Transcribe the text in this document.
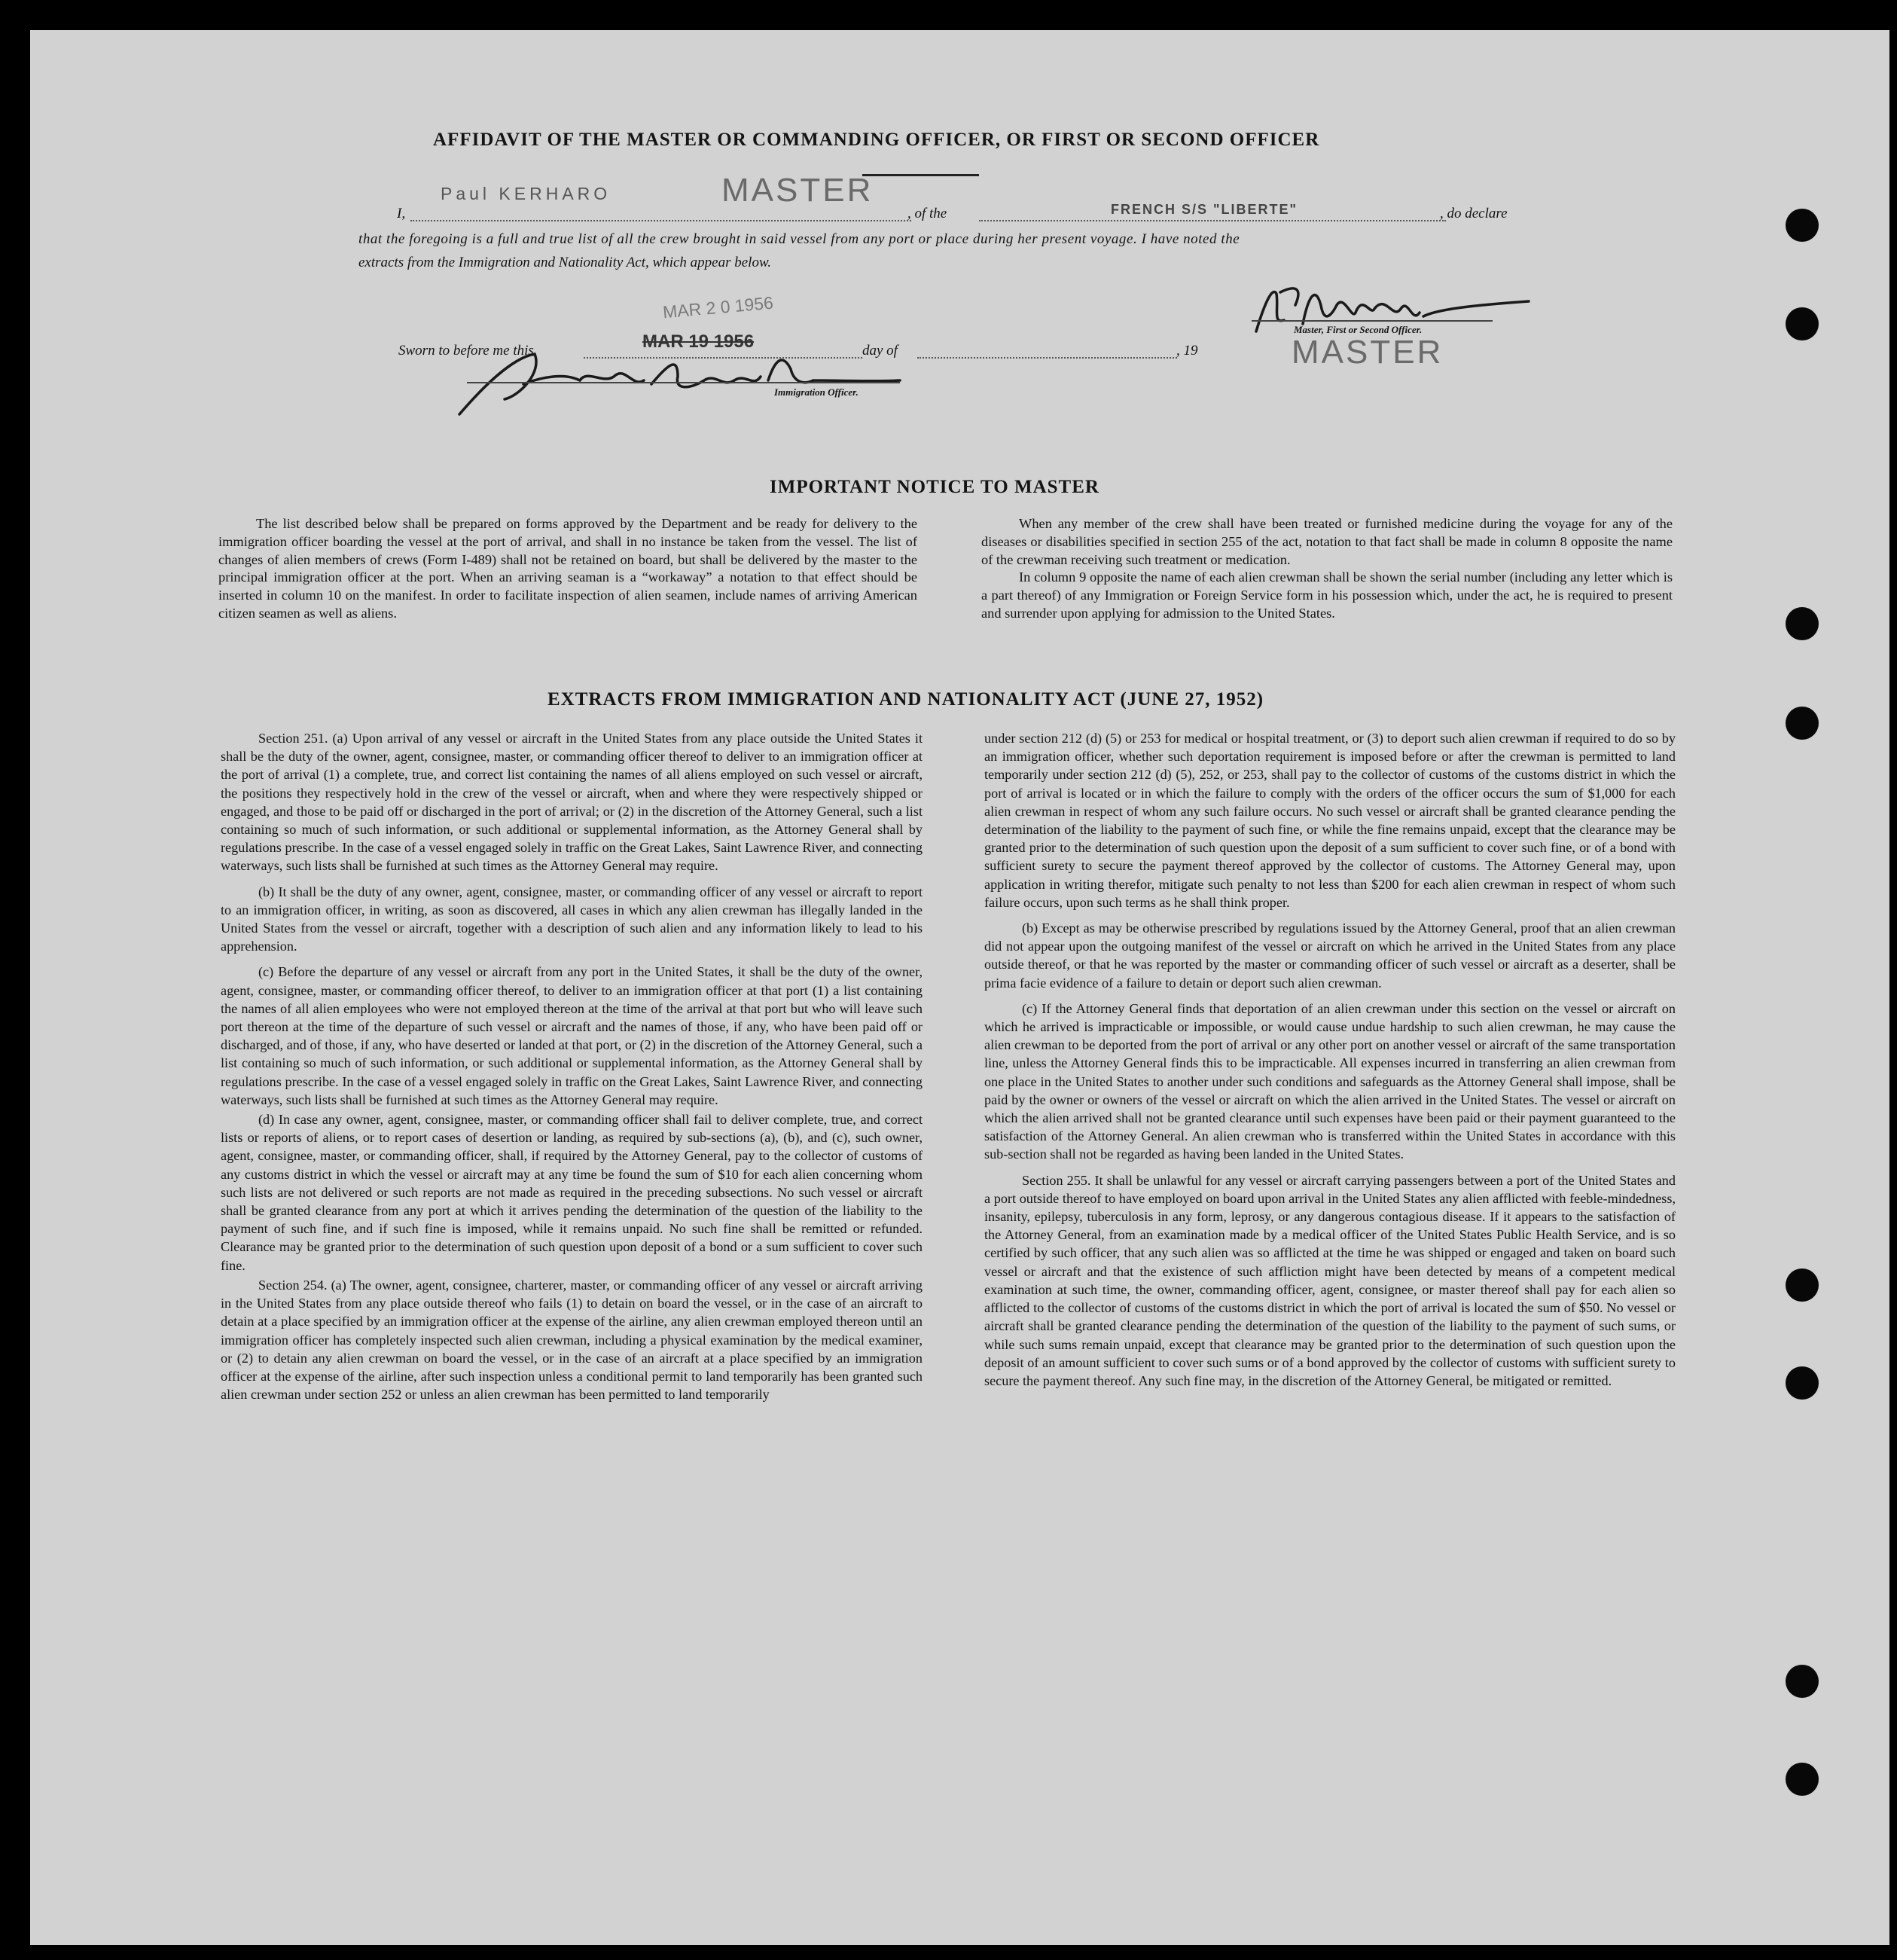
AFFIDAVIT OF THE MASTER OR COMMANDING OFFICER, OR FIRST OR SECOND OFFICER
I,
Paul KERHARO	MASTER
, of the	FRENCH S/S "LIBERTE"	, do declare
that the foregoing is a full and true list of all the crew brought in said vessel from any port or place during her present voyage. I have noted the
extracts from the Immigration and Nationality Act, which appear below.
Sworn to before me this
MAR 2 0 1956
MAR 19 1956	day of	, 19
Master, First or Second Officer.
MASTER
Immigration Officer.
IMPORTANT NOTICE TO MASTER

The list described below shall be prepared on forms approved by the Department and be ready for delivery to the immigration officer boarding the vessel at the port of arrival, and shall in no instance be taken from the vessel. The list of changes of alien members of crews (Form I-489) shall not be retained on board, but shall be delivered by the master to the principal immigration officer at the port. When an arriving seaman is a “workaway” a notation to that effect should be inserted in column 10 on the manifest. In order to facilitate inspection of alien seamen, include names of arriving American citizen seamen as well as aliens.

When any member of the crew shall have been treated or furnished medicine during the voyage for any of the diseases or disabilities specified in section 255 of the act, notation to that fact shall be made in column 8 opposite the name of the crewman receiving such treatment or medication.

In column 9 opposite the name of each alien crewman shall be shown the serial number (including any letter which is a part thereof) of any Immigration or Foreign Service form in his possession which, under the act, he is required to present and surrender upon applying for admission to the United States.

EXTRACTS FROM IMMIGRATION AND NATIONALITY ACT (JUNE 27, 1952)

Section 251. (a) Upon arrival of any vessel or aircraft in the United States from any place outside the United States it shall be the duty of the owner, agent, consignee, master, or commanding officer thereof to deliver to an immigration officer at the port of arrival (1) a complete, true, and correct list containing the names of all aliens employed on such vessel or aircraft, the positions they respectively hold in the crew of the vessel or aircraft, when and where they were respectively shipped or engaged, and those to be paid off or discharged in the port of arrival; or (2) in the discretion of the Attorney General, such a list containing so much of such information, or such additional or supplemental information, as the Attorney General shall by regulations prescribe. In the case of a vessel engaged solely in traffic on the Great Lakes, Saint Lawrence River, and connecting waterways, such lists shall be furnished at such times as the Attorney General may require.

(b) It shall be the duty of any owner, agent, consignee, master, or commanding officer of any vessel or aircraft to report to an immigration officer, in writing, as soon as discovered, all cases in which any alien crewman has illegally landed in the United States from the vessel or aircraft, together with a description of such alien and any information likely to lead to his apprehension.

(c) Before the departure of any vessel or aircraft from any port in the United States, it shall be the duty of the owner, agent, consignee, master, or commanding officer thereof, to deliver to an immigration officer at that port (1) a list containing the names of all alien employees who were not employed thereon at the time of the arrival at that port but who will leave such port thereon at the time of the departure of such vessel or aircraft and the names of those, if any, who have been paid off or discharged, and of those, if any, who have deserted or landed at that port, or (2) in the discretion of the Attorney General, such a list containing so much of such information, or such additional or supplemental information, as the Attorney General shall by regulations prescribe. In the case of a vessel engaged solely in traffic on the Great Lakes, Saint Lawrence River, and connecting waterways, such lists shall be furnished at such times as the Attorney General may require.

(d) In case any owner, agent, consignee, master, or commanding officer shall fail to deliver complete, true, and correct lists or reports of aliens, or to report cases of desertion or landing, as required by sub-sections (a), (b), and (c), such owner, agent, consignee, master, or commanding officer, shall, if required by the Attorney General, pay to the collector of customs of any customs district in which the vessel or aircraft may at any time be found the sum of $10 for each alien concerning whom such lists are not delivered or such reports are not made as required in the preceding subsections. No such vessel or aircraft shall be granted clearance from any port at which it arrives pending the determination of the question of the liability to the payment of such fine, and if such fine is imposed, while it remains unpaid. No such fine shall be remitted or refunded. Clearance may be granted prior to the determination of such question upon deposit of a bond or a sum sufficient to cover such fine.

Section 254. (a) The owner, agent, consignee, charterer, master, or commanding officer of any vessel or aircraft arriving in the United States from any place outside thereof who fails (1) to detain on board the vessel, or in the case of an aircraft to detain at a place specified by an immigration officer at the expense of the airline, any alien crewman employed thereon until an immigration officer has completely inspected such alien crewman, including a physical examination by the medical examiner, or (2) to detain any alien crewman on board the vessel, or in the case of an aircraft at a place specified by an immigration officer at the expense of the airline, after such inspection unless a conditional permit to land temporarily has been granted such alien crewman under section 252 or unless an alien crewman has been permitted to land temporarily

under section 212 (d) (5) or 253 for medical or hospital treatment, or (3) to deport such alien crewman if required to do so by an immigration officer, whether such deportation requirement is imposed before or after the crewman is permitted to land temporarily under section 212 (d) (5), 252, or 253, shall pay to the collector of customs of the customs district in which the port of arrival is located or in which the failure to comply with the orders of the officer occurs the sum of $1,000 for each alien crewman in respect of whom any such failure occurs. No such vessel or aircraft shall be granted clearance pending the determination of the liability to the payment of such fine, or while the fine remains unpaid, except that the clearance may be granted prior to the determination of such question upon the deposit of a sum sufficient to cover such fine, or of a bond with sufficient surety to secure the payment thereof approved by the collector of customs. The Attorney General may, upon application in writing therefor, mitigate such penalty to not less than $200 for each alien crewman in respect of whom such failure occurs, upon such terms as he shall think proper.

(b) Except as may be otherwise prescribed by regulations issued by the Attorney General, proof that an alien crewman did not appear upon the outgoing manifest of the vessel or aircraft on which he arrived in the United States from any place outside thereof, or that he was reported by the master or commanding officer of such vessel or aircraft as a deserter, shall be prima facie evidence of a failure to detain or deport such alien crewman.

(c) If the Attorney General finds that deportation of an alien crewman under this section on the vessel or aircraft on which he arrived is impracticable or impossible, or would cause undue hardship to such alien crewman, he may cause the alien crewman to be deported from the port of arrival or any other port on another vessel or aircraft of the same transportation line, unless the Attorney General finds this to be impracticable. All expenses incurred in transferring an alien crewman from one place in the United States to another under such conditions and safeguards as the Attorney General shall impose, shall be paid by the owner or owners of the vessel or aircraft on which the alien arrived in the United States. The vessel or aircraft on which the alien arrived shall not be granted clearance until such expenses have been paid or their payment guaranteed to the satisfaction of the Attorney General. An alien crewman who is transferred within the United States in accordance with this sub-section shall not be regarded as having been landed in the United States.

Section 255. It shall be unlawful for any vessel or aircraft carrying passengers between a port of the United States and a port outside thereof to have employed on board upon arrival in the United States any alien afflicted with feeble-mindedness, insanity, epilepsy, tuberculosis in any form, leprosy, or any dangerous contagious disease. If it appears to the satisfaction of the Attorney General, from an examination made by a medical officer of the United States Public Health Service, and is so certified by such officer, that any such alien was so afflicted at the time he was shipped or engaged and taken on board such vessel or aircraft and that the existence of such affliction might have been detected by means of a competent medical examination at such time, the owner, commanding officer, agent, consignee, or master thereof shall pay for each alien so afflicted to the collector of customs of the customs district in which the port of arrival is located the sum of $50. No vessel or aircraft shall be granted clearance pending the determination of the question of the liability to the payment of such sums, or while such sums remain unpaid, except that clearance may be granted prior to the determination of such question upon the deposit of an amount sufficient to cover such sums or of a bond approved by the collector of customs with sufficient surety to secure the payment thereof. Any such fine may, in the discretion of the Attorney General, be mitigated or remitted.
